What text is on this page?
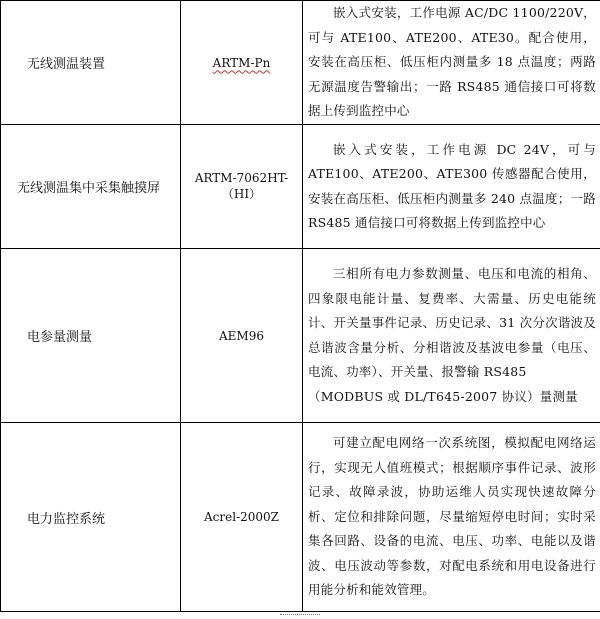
无线测温装置	ARTM-Pn	嵌入式安装，工作电源 AC/DC 1100/220V，可与 ATE100、ATE200、ATE30。配合使用，安装在高压柜、低压柜内测量多 18 点温度；两路无源温度告警输出；一路 RS485 通信接口可将数据上传到监控中心

无线测温集中采集触摸屏	ARTM-7062HT-（HI）	嵌入式安装，工作电源 DC 24V，可与 ATE100、ATE200、ATE300 传感器配合使用，安装在高压柜、低压柜内测量多 240 点温度；一路 RS485 通信接口可将数据上传到监控中心

电参量测量	AEM96	三相所有电力参数测量、电压和电流的相角、四象限电能计量、复费率、大需量、历史电能统计、开关量事件记录、历史记录、31 次分次谐波及总谐波含量分析、分相谐波及基波电参量（电压、电流、功率）、开关量、报警输 RS485
（MODBUS 或 DL/T645-2007 协议）量测量

电力监控系统	Acrel-2000Z	可建立配电网络一次系统图，模拟配电网络运行，实现无人值班模式；根据顺序事件记录、波形记录、故障录波，协助运维人员实现快速故障分析、定位和排除问题，尽量缩短停电时间；实时采集各回路、设备的电流、电压、功率、电能以及谐波、电压波动等参数，对配电系统和用电设备进行用能分析和能效管理。
